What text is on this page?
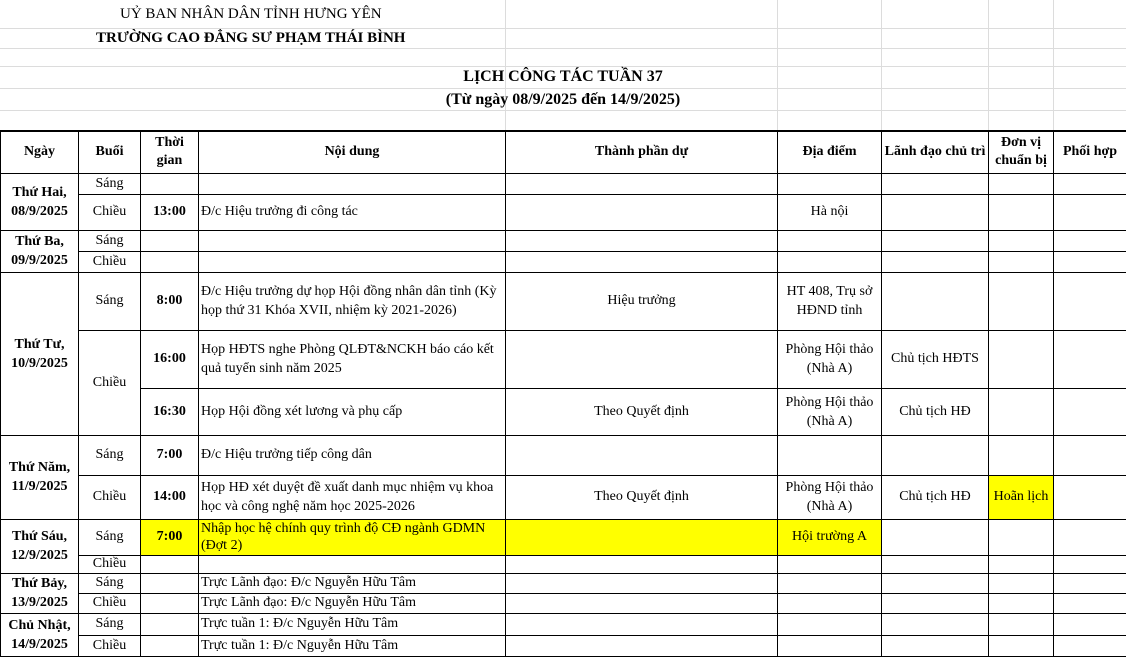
UỶ BAN NHÂN DÂN TỈNH HƯNG YÊN
TRƯỜNG CAO ĐẲNG SƯ PHẠM THÁI BÌNH
LỊCH CÔNG TÁC TUẦN 37
(Từ ngày 08/9/2025 đến 14/9/2025)
Ngày	Buổi	Thời gian	Nội dung	Thành phần dự	Địa điểm	Lãnh đạo chủ trì	Đơn vị chuẩn bị	Phối hợp
Thứ Hai, 08/9/2025	Sáng							
	Chiều	13:00	Đ/c Hiệu trưởng đi công tác		Hà nội			
Thứ Ba, 09/9/2025	Sáng							
	Chiều							
Thứ Tư, 10/9/2025	Sáng	8:00	Đ/c Hiệu trưởng dự họp Hội đồng nhân dân tỉnh (Kỳ họp thứ 31 Khóa XVII, nhiệm kỳ 2021-2026)	Hiệu trưởng	HT 408, Trụ sở HĐND tỉnh			
	Chiều	16:00	Họp HĐTS nghe Phòng QLĐT&NCKH báo cáo kết quả tuyển sinh năm 2025		Phòng Hội thảo (Nhà A)	Chủ tịch HĐTS		
		16:30	Họp Hội đồng xét lương và phụ cấp	Theo Quyết định	Phòng Hội thảo (Nhà A)	Chủ tịch HĐ		
Thứ Năm, 11/9/2025	Sáng	7:00	Đ/c Hiệu trưởng tiếp công dân					
	Chiều	14:00	Họp HĐ xét duyệt đề xuất danh mục nhiệm vụ khoa học và công nghệ năm học 2025-2026	Theo Quyết định	Phòng Hội thảo (Nhà A)	Chủ tịch HĐ	Hoãn lịch	
Thứ Sáu, 12/9/2025	Sáng	7:00	Nhập học hệ chính quy trình độ CĐ ngành GDMN (Đợt 2)		Hội trường A			
	Chiều							
Thứ Bảy, 13/9/2025	Sáng		Trực Lãnh đạo: Đ/c Nguyễn Hữu Tâm					
	Chiều		Trực Lãnh đạo: Đ/c Nguyễn Hữu Tâm					
Chủ Nhật, 14/9/2025	Sáng		Trực tuần 1: Đ/c Nguyễn Hữu Tâm					
	Chiều		Trực tuần 1: Đ/c Nguyễn Hữu Tâm					
